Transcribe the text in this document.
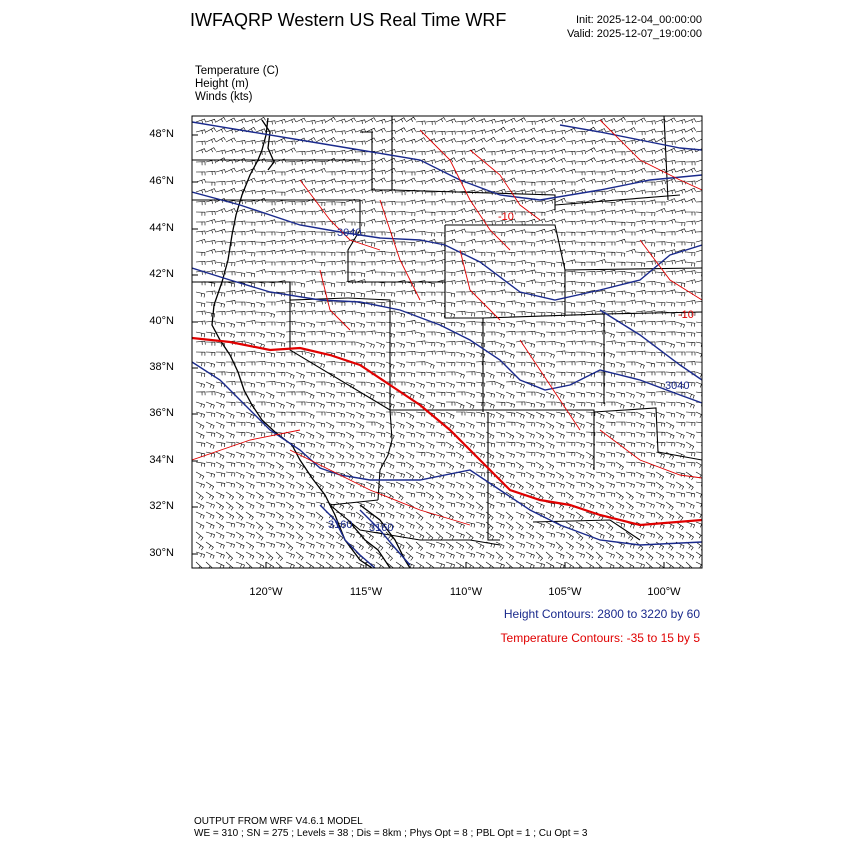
IWFAQRP Western US Real Time WRF	Init: 2025-12-04_00:00:00
Valid: 2025-12-07_19:00:00
Temperature (C)
Height (m)
Winds (kts)
48°N
46°N
44°N
42°N
40°N
38°N
36°N
34°N
32°N
30°N
120°W	115°W	110°W	105°W	100°W
3040
3040
3160 3160
-10
-10
Height Contours: 2800 to 3220 by 60
Temperature Contours: -35 to 15 by 5
OUTPUT FROM WRF V4.6.1 MODEL
WE = 310 ; SN = 275 ; Levels = 38 ; Dis = 8km ; Phys Opt = 8 ; PBL Opt = 1 ; Cu Opt = 3
